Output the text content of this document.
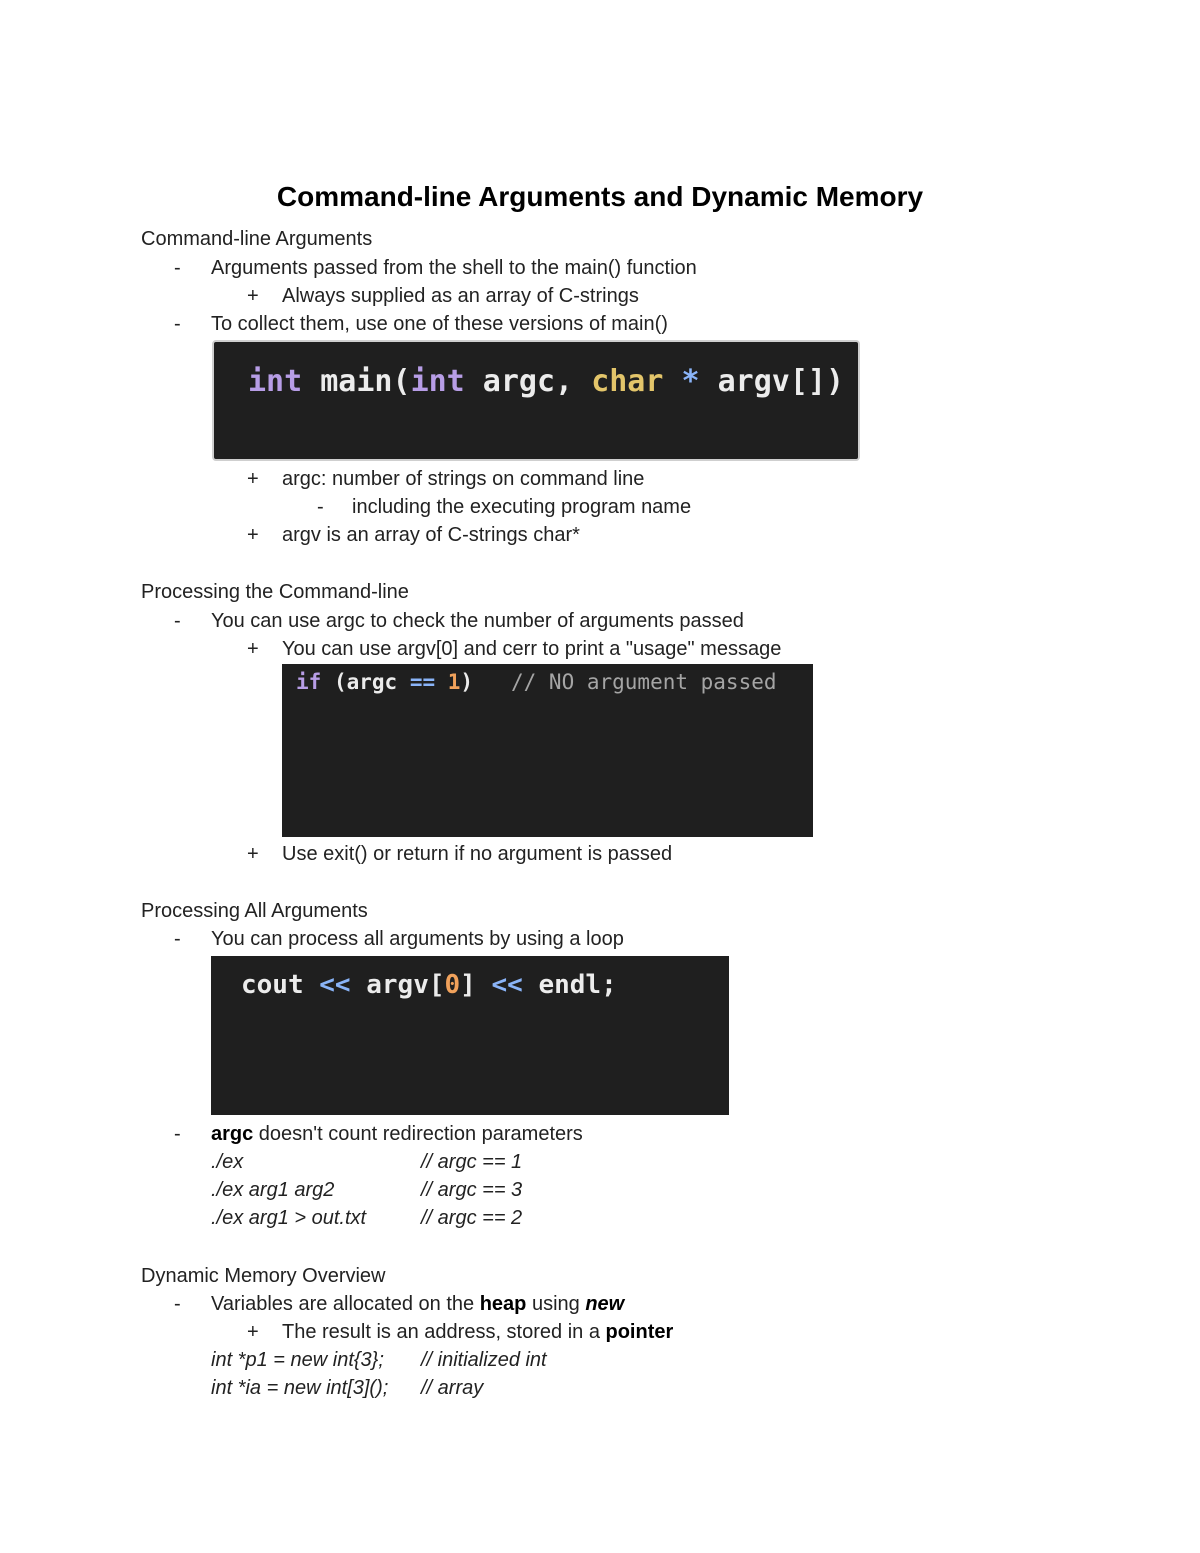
Command-line Arguments and Dynamic Memory
Command-line Arguments
- Arguments passed from the shell to the main() function
+ Always supplied as an array of C-strings
- To collect them, use one of these versions of main()
int main(int argc, char * argv[])
+ argc: number of strings on command line
- including the executing program name
+ argv is an array of C-strings char*
Processing the Command-line
- You can use argc to check the number of arguments passed
+ You can use argv[0] and cerr to print a "usage" message
if (argc == 1)   // NO argument passed

+ Use exit() or return if no argument is passed
Processing All Arguments
- You can process all arguments by using a loop
cout << argv[0] << endl;

- argc doesn't count redirection parameters
./ex	// argc == 1
./ex arg1 arg2	// argc == 3
./ex arg1 > out.txt	// argc == 2
Dynamic Memory Overview
- Variables are allocated on the heap using new
+ The result is an address, stored in a pointer
int *p1 = new int{3}; // initialized int
int *ia = new int[3](); // array
